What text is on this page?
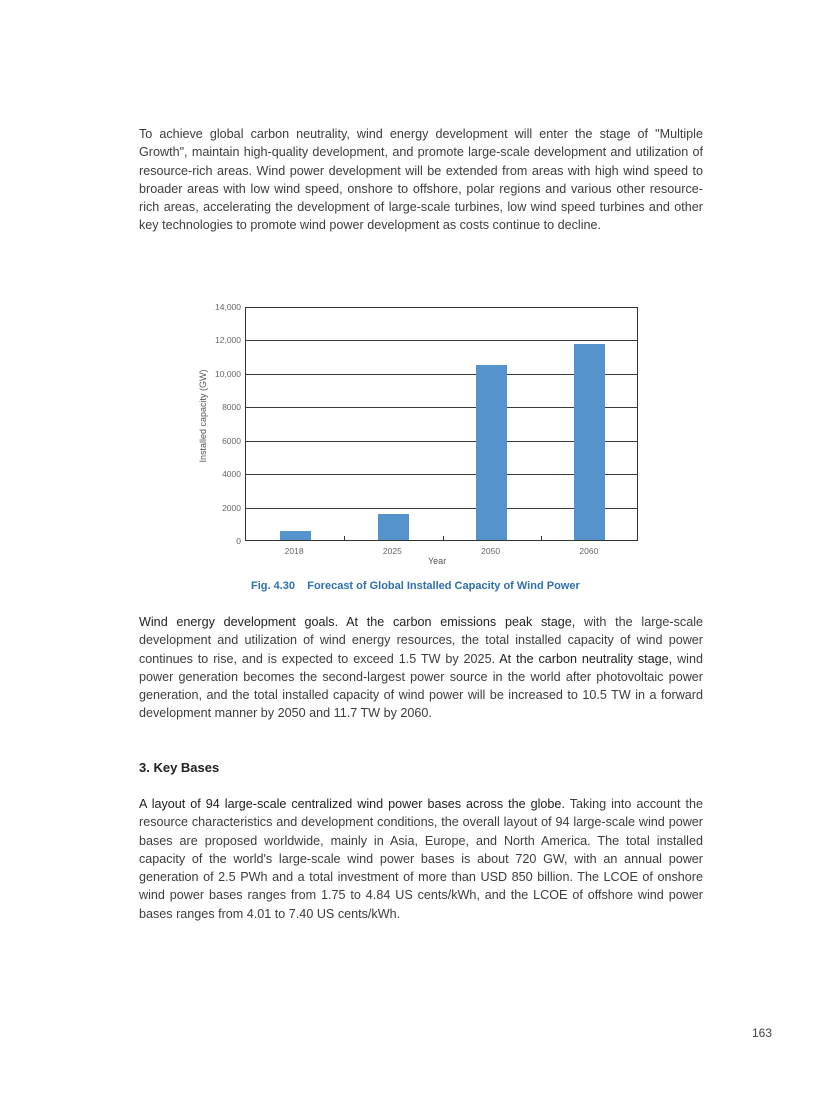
To achieve global carbon neutrality, wind energy development will enter the stage of "Multiple Growth", maintain high-quality development, and promote large-scale development and utilization of resource-rich areas. Wind power development will be extended from areas with high wind speed to broader areas with low wind speed, onshore to offshore, polar regions and various other resource-rich areas, accelerating the development of large-scale turbines, low wind speed turbines and other key technologies to promote wind power development as costs continue to decline.
Installed capacity (GW)
0
2000
4000
6000
8000
10,000
12,000
14,000
2018	2025	2050	2060
Year
Fig. 4.30    Forecast of Global Installed Capacity of Wind Power
Wind energy development goals. At the carbon emissions peak stage, with the large-scale development and utilization of wind energy resources, the total installed capacity of wind power continues to rise, and is expected to exceed 1.5 TW by 2025. At the carbon neutrality stage, wind power generation becomes the second-largest power source in the world after photovoltaic power generation, and the total installed capacity of wind power will be increased to 10.5 TW in a forward development manner by 2050 and 11.7 TW by 2060.
3. Key Bases
A layout of 94 large-scale centralized wind power bases across the globe. Taking into account the resource characteristics and development conditions, the overall layout of 94 large-scale wind power bases are proposed worldwide, mainly in Asia, Europe, and North America. The total installed capacity of the world's large-scale wind power bases is about 720 GW, with an annual power generation of 2.5 PWh and a total investment of more than USD 850 billion. The LCOE of onshore wind power bases ranges from 1.75 to 4.84 US cents/kWh, and the LCOE of offshore wind power bases ranges from 4.01 to 7.40 US cents/kWh.
163
